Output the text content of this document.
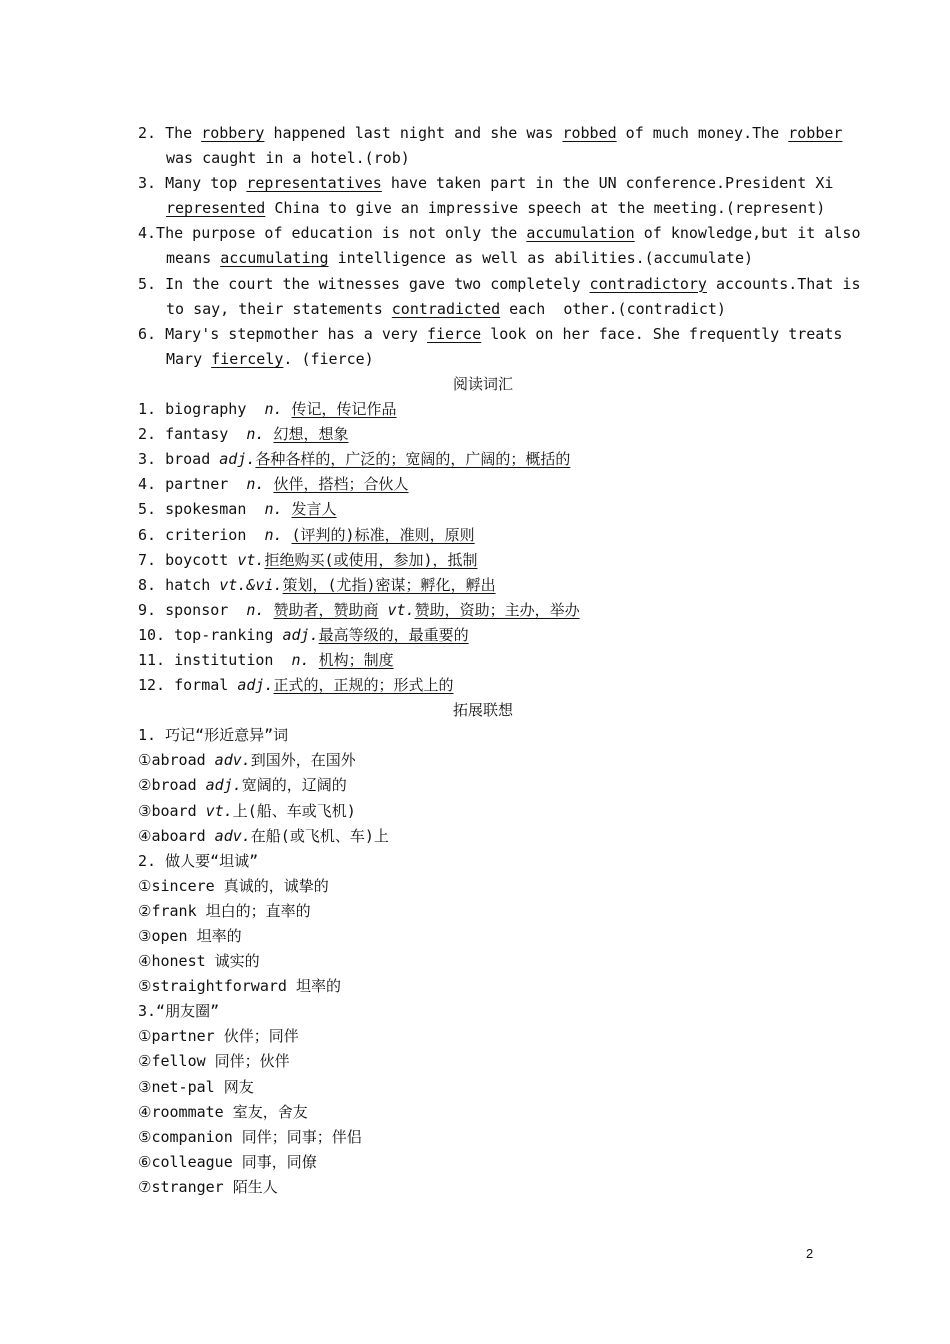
2. The robbery happened last night and she was robbed of much money.The robber
was caught in a hotel.(rob)
3. Many top representatives have taken part in the UN conference.President Xi
represented China to give an impressive speech at the meeting.(represent)
4.The purpose of education is not only the accumulation of knowledge,but it also
means accumulating intelligence as well as abilities.(accumulate)
5. In the court the witnesses gave two completely contradictory accounts.That is
to say, their statements contradicted each  other.(contradict)
6. Mary's stepmother has a very fierce look on her face. She frequently treats
Mary fiercely. (fierce)
阅读词汇
1. biography n. 传记，传记作品
2. fantasy n. 幻想，想象
3. broad adj.各种各样的，广泛的；宽阔的，广阔的；概括的
4. partner n. 伙伴，搭档；合伙人
5. spokesman n. 发言人
6. criterion n. (评判的)标准，准则，原则
7. boycott vt.拒绝购买(或使用，参加)，抵制
8. hatch vt.&vi.策划，(尤指)密谋；孵化，孵出
9. sponsor n. 赞助者，赞助商 vt.赞助，资助；主办，举办
10. top-ranking adj.最高等级的，最重要的
11. institution n. 机构；制度
12. formal adj.正式的，正规的；形式上的
拓展联想
1. 巧记“形近意异”词
①abroad adv.到国外，在国外
②broad adj.宽阔的，辽阔的
③board vt.上(船、车或飞机)
④aboard adv.在船(或飞机、车)上
2. 做人要“坦诚”
①sincere 真诚的，诚挚的
②frank 坦白的；直率的
③open 坦率的
④honest 诚实的
⑤straightforward 坦率的
3.“朋友圈”
①partner 伙伴；同伴
②fellow 同伴；伙伴
③net-pal 网友
④roommate 室友，舍友
⑤companion 同伴；同事；伴侣
⑥colleague 同事，同僚
⑦stranger 陌生人
2
